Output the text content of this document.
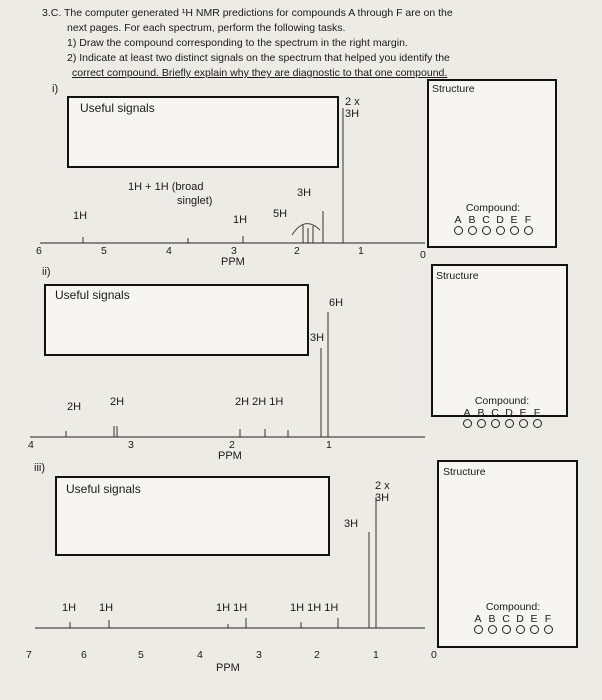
3.C. The computer generated ¹H NMR predictions for compounds A through F are on the
next pages. For each spectrum, perform the following tasks.
1) Draw the compound corresponding to the spectrum in the right margin.
2) Indicate at least two distinct signals on the spectrum that helped you identify the
correct compound. Briefly explain why they are diagnostic to that one compound.
i)
Useful signals
1H
1H + 1H (broad
singlet)
1H 5H
3H
2 x
3H
6	5	4	3	2	1	0
PPM
Structure
Compound:
A B C D E F
ii)
Useful signals
2H	2H	2H 2H 1H
3H
6H
4	3	2	1
PPM
Structure
Compound:
A B C D E F
iii)
Useful signals
1H 1H	1H 1H	1H 1H 1H
3H
2 x
3H
7	6	5	4	3	2	1	0
PPM
Structure
Compound:
A B C D E F
